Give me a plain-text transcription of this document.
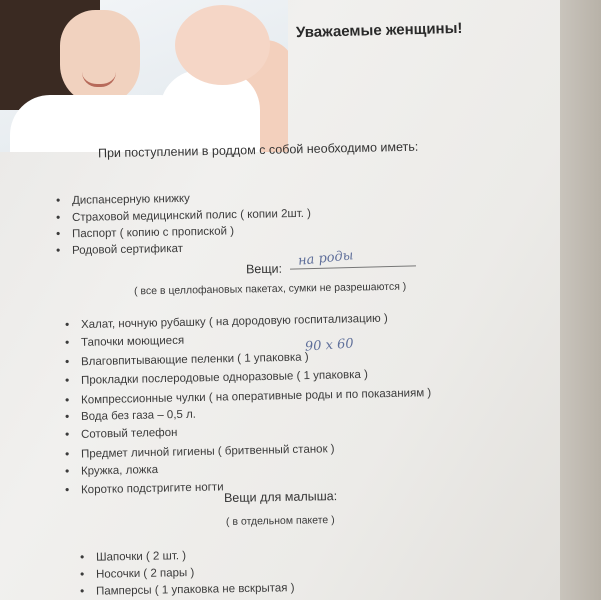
Уважаемые женщины!
При поступлении в роддом с собой необходимо иметь:
• Диспансерную книжку
• Страховой медицинский полис ( копии 2шт. )
• Паспорт ( копию с пропиской )
• Родовой сертификат
Вещи:
на роды
( все в целлофановых пакетах, сумки не разрешаются )
• Халат, ночную рубашку ( на дородовую госпитализацию )
• Тапочки моющиеся
• Влаговпитывающие пеленки ( 1 упаковка )
90 х 60
• Прокладки послеродовые одноразовые ( 1 упаковка )
• Компрессионные чулки ( на оперативные роды и по показаниям )
• Вода без газа – 0,5 л.
• Сотовый телефон
• Предмет личной гигиены ( бритвенный станок )
• Кружка, ложка
• Коротко подстригите ногти
Вещи для малыша:
( в отдельном пакете )
• Шапочки ( 2 шт. )
• Носочки ( 2 пары )
• Памперсы ( 1 упаковка не вскрытая )
